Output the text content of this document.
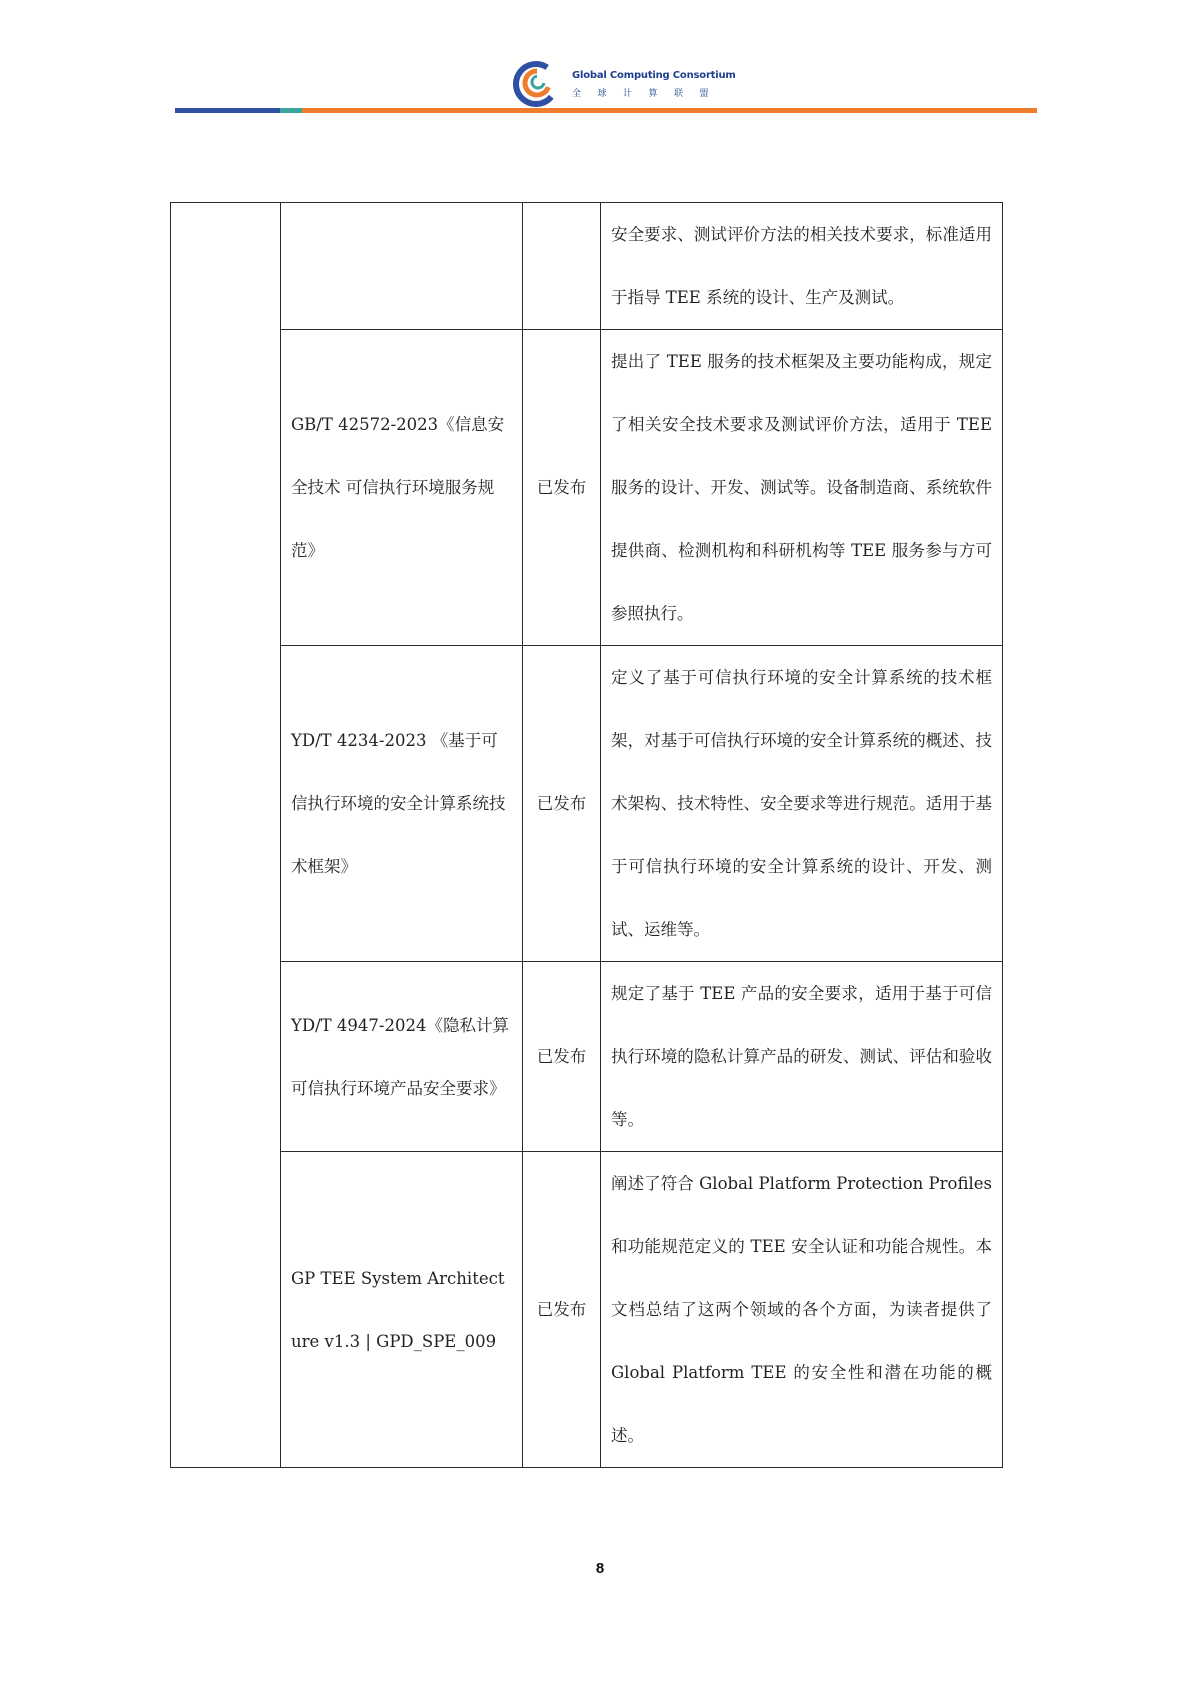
Global Computing Consortium
全球计算联盟
			安全要求、测试评价方法的相关技术要求，标准适用于指导 TEE 系统的设计、生产及测试。
	GB/T 42572-2023《信息安全技术 可信执行环境服务规范》	已发布	提出了 TEE 服务的技术框架及主要功能构成，规定了相关安全技术要求及测试评价方法，适用于 TEE 服务的设计、开发、测试等。设备制造商、系统软件提供商、检测机构和科研机构等 TEE 服务参与方可参照执行。
	YD/T 4234-2023 《基于可信执行环境的安全计算系统技术框架》	已发布	定义了基于可信执行环境的安全计算系统的技术框架，对基于可信执行环境的安全计算系统的概述、技术架构、技术特性、安全要求等进行规范。适用于基于可信执行环境的安全计算系统的设计、开发、测试、运维等。
	YD/T 4947-2024《隐私计算可信执行环境产品安全要求》	已发布	规定了基于 TEE 产品的安全要求，适用于基于可信执行环境的隐私计算产品的研发、测试、评估和验收等。
	GP TEE System Architecture v1.3 | GPD_SPE_009	已发布	阐述了符合 Global Platform Protection Profiles 和功能规范定义的 TEE 安全认证和功能合规性。本文档总结了这两个领域的各个方面，为读者提供了 Global Platform TEE 的安全性和潜在功能的概述。
8
